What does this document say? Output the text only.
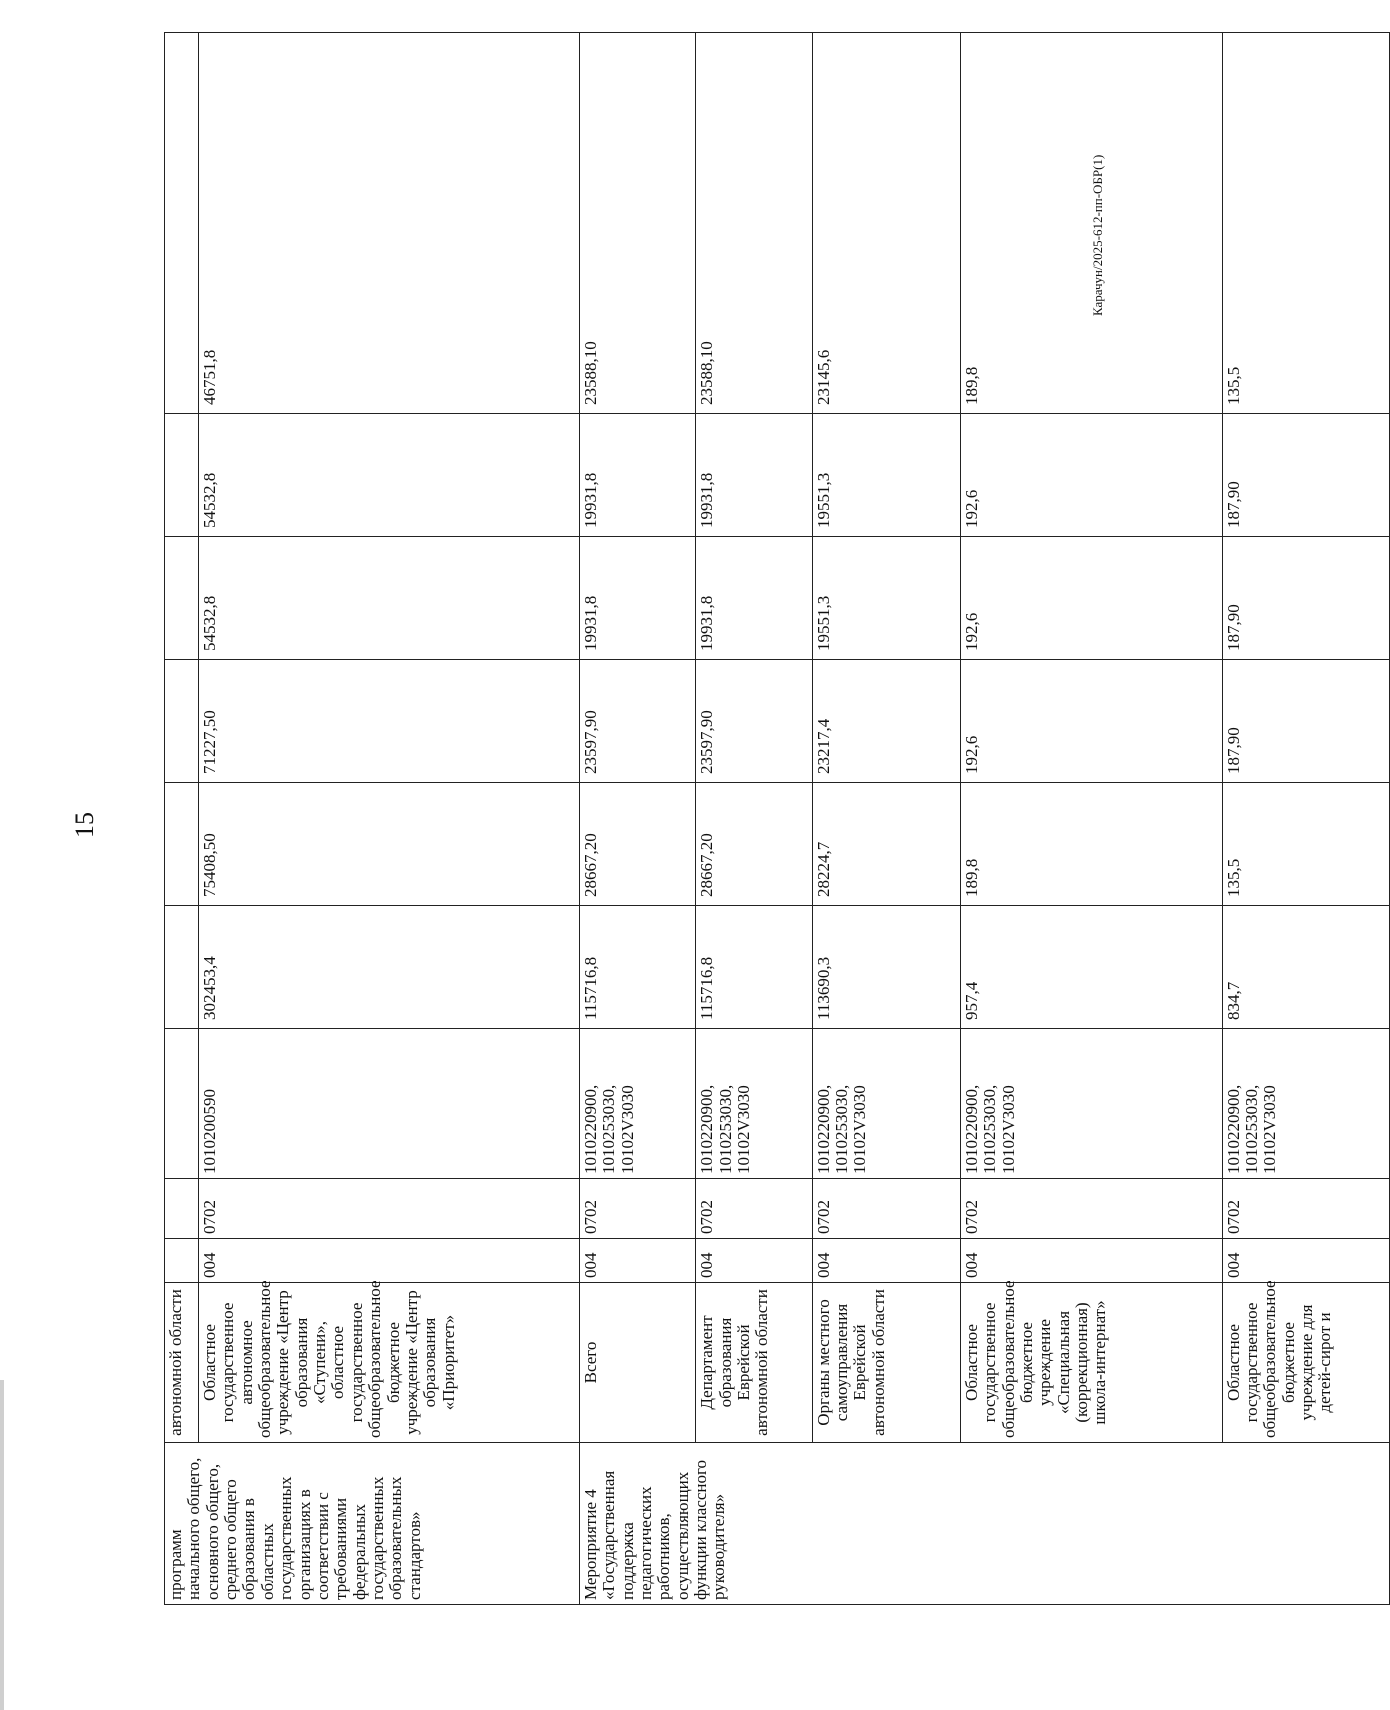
15
Карачун/2025-612-пп-ОБР(1)
программ начального общего, основного общего, среднего общего образования в областных государственных организациях в соответствии с требованиями федеральных государственных образовательных стандартов»	автономной области									
	Областное государственное автономное общеобразовательное учреждение «Центр образования «Ступени», областное государственное общеобразовательное бюджетное учреждение «Центр образования «Приоритет»	004	0702	1010200590	302453,4	75408,50	71227,50	54532,8	54532,8	46751,8
Мероприятие 4 «Государственная поддержка педагогических работников, осуществляющих функции классного руководителя»	Всего	004	0702	1010220900, 1010253030, 10102V3030	115716,8	28667,20	23597,90	19931,8	19931,8	23588,10
	Департамент образования Еврейской автономной области	004	0702	1010220900, 1010253030, 10102V3030	115716,8	28667,20	23597,90	19931,8	19931,8	23588,10
	Органы местного самоуправления Еврейской автономной области	004	0702	1010220900, 1010253030, 10102V3030	113690,3	28224,7	23217,4	19551,3	19551,3	23145,6
	Областное государственное общеобразовательное бюджетное учреждение «Специальная (коррекционная) школа-интернат»	004	0702	1010220900, 1010253030, 10102V3030	957,4	189,8	192,6	192,6	192,6	189,8
	Областное государственное общеобразовательное бюджетное учреждение для детей-сирот и	004	0702	1010220900, 1010253030, 10102V3030	834,7	135,5	187,90	187,90	187,90	135,5
